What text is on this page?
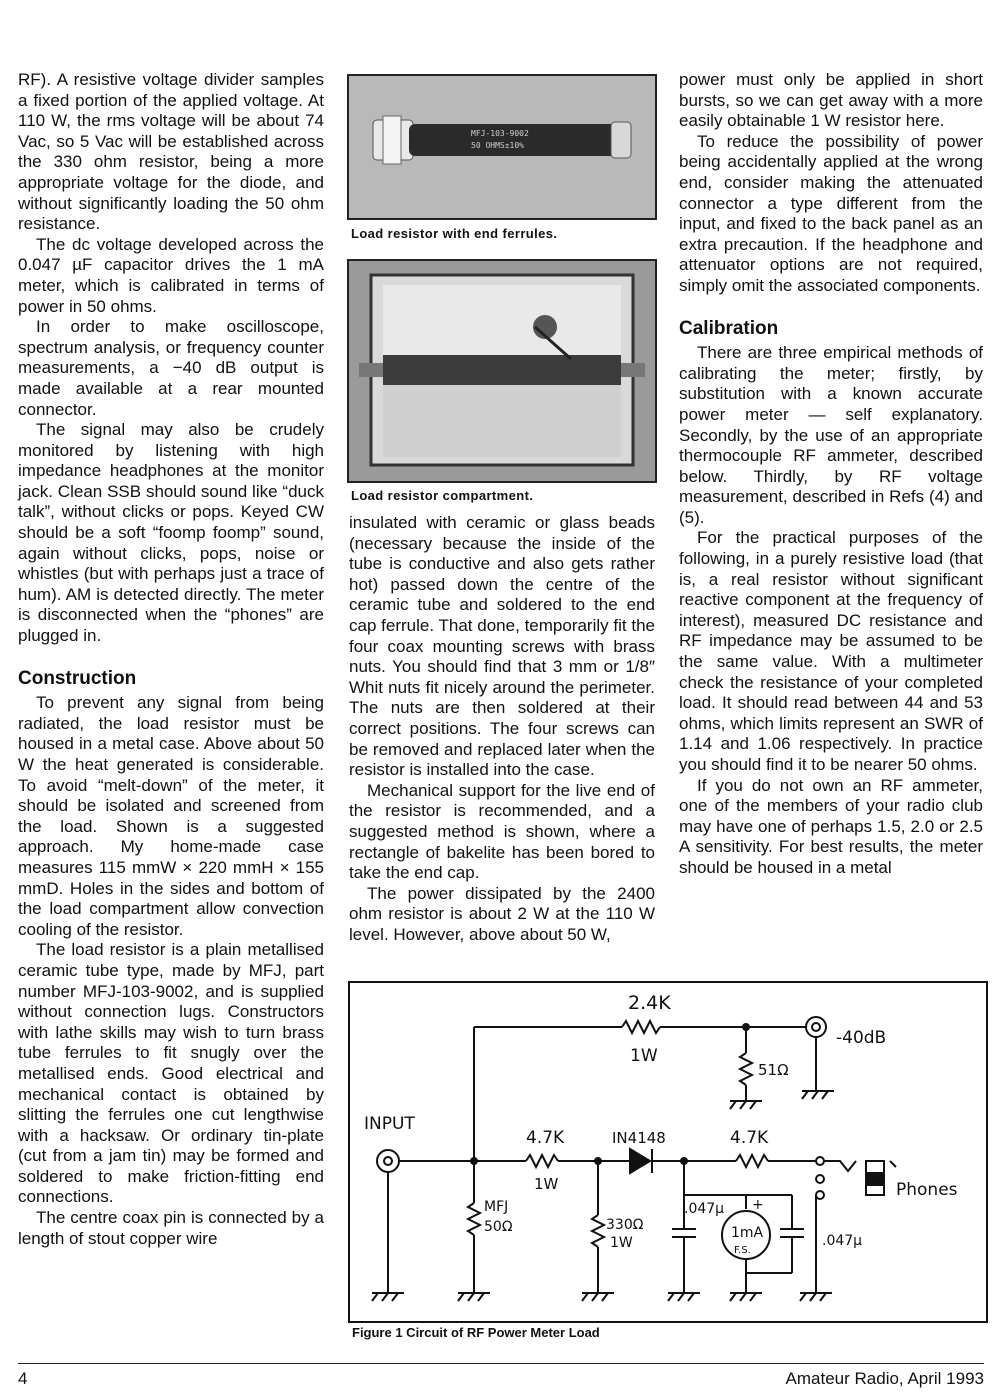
RF). A resistive voltage divider samples a fixed portion of the applied voltage. At 110 W, the rms voltage will be about 74 Vac, so 5 Vac will be established across the 330 ohm resistor, being a more appropriate voltage for the diode, and without significantly loading the 50 ohm resistance.

The dc voltage developed across the 0.047 µF capacitor drives the 1 mA meter, which is calibrated in terms of power in 50 ohms.

In order to make oscilloscope, spectrum analysis, or frequency counter measurements, a −40 dB output is made available at a rear mounted connector.

The signal may also be crudely monitored by listening with high impedance headphones at the monitor jack. Clean SSB should sound like “duck talk”, without clicks or pops. Keyed CW should be a soft “foomp foomp” sound, again without clicks, pops, noise or whistles (but with perhaps just a trace of hum). AM is detected directly. The meter is disconnected when the “phones” are plugged in.

Construction

To prevent any signal from being radiated, the load resistor must be housed in a metal case. Above about 50 W the heat generated is considerable. To avoid “melt-down” of the meter, it should be isolated and screened from the load. Shown is a suggested approach. My home-made case measures 115 mmW × 220 mmH × 155 mmD. Holes in the sides and bottom of the load compartment allow convection cooling of the resistor.

The load resistor is a plain metallised ceramic tube type, made by MFJ, part number MFJ-103-9002, and is supplied without connection lugs. Constructors with lathe skills may wish to turn brass tube ferrules to fit snugly over the metallised ends. Good electrical and mechanical contact is obtained by slitting the ferrules one cut lengthwise with a hacksaw. Or ordinary tin-plate (cut from a jam tin) may be formed and soldered to make friction-fitting end connections.

The centre coax pin is connected by a length of stout copper wire

MFJ-103-9002
50 OHMS±10%
Load resistor with end ferrules.
Load resistor compartment.

insulated with ceramic or glass beads (necessary because the inside of the tube is conductive and also gets rather hot) passed down the centre of the ceramic tube and soldered to the end cap ferrule. That done, temporarily fit the four coax mounting screws with brass nuts. You should find that 3 mm or 1/8″ Whit nuts fit nicely around the perimeter. The nuts are then soldered at their correct positions. The four screws can be removed and replaced later when the resistor is installed into the case.

Mechanical support for the live end of the resistor is recommended, and a suggested method is shown, where a rectangle of bakelite has been bored to take the end cap.

The power dissipated by the 2400 ohm resistor is about 2 W at the 110 W level. However, above about 50 W,

power must only be applied in short bursts, so we can get away with a more easily obtainable 1 W resistor here.

To reduce the possibility of power being accidentally applied at the wrong end, consider making the attenuated connector a type different from the input, and fixed to the back panel as an extra precaution. If the headphone and attenuator options are not required, simply omit the associated components.

Calibration

There are three empirical methods of calibrating the meter; firstly, by substitution with a known accurate power meter — self explanatory. Secondly, by the use of an appropriate thermocouple RF ammeter, described below. Thirdly, by RF voltage measurement, described in Refs (4) and (5).

For the practical purposes of the following, in a purely resistive load (that is, a real resistor without significant reactive component at the frequency of interest), measured DC resistance and RF impedance may be assumed to be the same value. With a multimeter check the resistance of your completed load. It should read between 44 and 53 ohms, which limits represent an SWR of 1.14 and 1.06 respectively. In practice you should find it to be nearer 50 ohms.

If you do not own an RF ammeter, one of the members of your radio club may have one of perhaps 1.5, 2.0 or 2.5 A sensitivity. For best results, the meter should be housed in a metal

2.4K
1W
-40dB
51Ω
INPUT
4.7K
1W
IN4148	4.7K
Phones
MFJ
50Ω	330Ω
1W
.047µ +
1mA
F.S.
.047µ
Figure 1 Circuit of RF Power Meter Load
4	Amateur Radio, April 1993
